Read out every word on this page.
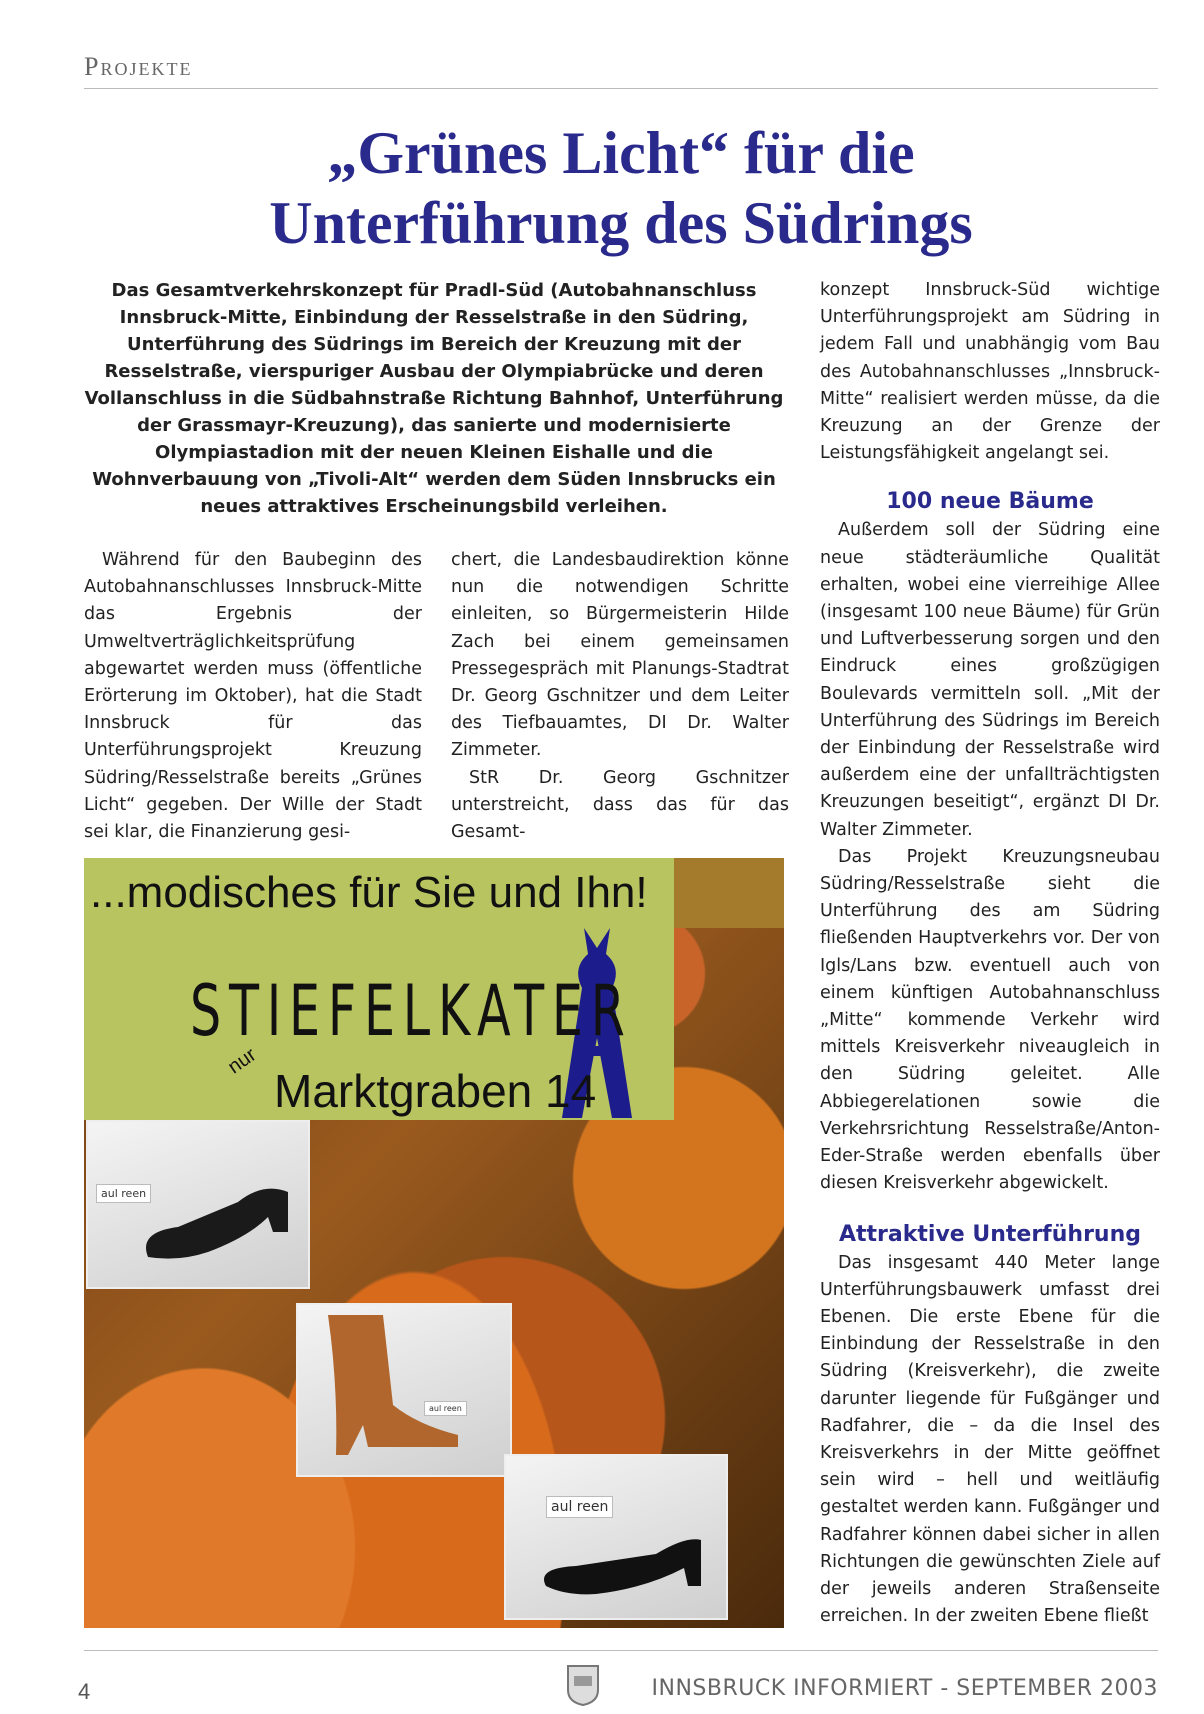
Projekte
„Grünes Licht“ für die
Unterführung des Südrings

Das Gesamtverkehrskonzept für Pradl-Süd (Autobahnanschluss Innsbruck-Mitte, Einbindung der Resselstraße in den Südring, Unterführung des Südrings im Bereich der Kreuzung mit der Resselstraße, vierspuriger Ausbau der Olympiabrücke und deren Vollanschluss in die Südbahnstraße Richtung Bahnhof, Unterführung der Grassmayr-Kreuzung), das sanierte und modernisierte Olympiastadion mit der neuen Kleinen Eishalle und die Wohnverbauung von „Tivoli-Alt“ werden dem Süden Innsbrucks ein neues attraktives Erscheinungsbild verleihen.

Während für den Baubeginn des Autobahnanschlusses Innsbruck-Mitte das Ergebnis der Umweltverträglichkeitsprüfung abgewartet werden muss (öffentliche Erörterung im Oktober), hat die Stadt Innsbruck für das Unterführungsprojekt Kreuzung Südring/Resselstraße bereits „Grünes Licht“ gegeben. Der Wille der Stadt sei klar, die Finanzierung gesi-

chert, die Landesbaudirektion könne nun die notwendigen Schritte einleiten, so Bürgermeisterin Hilde Zach bei einem gemeinsamen Pressegespräch mit Planungs-Stadtrat Dr. Georg Gschnitzer und dem Leiter des Tiefbauamtes, DI Dr. Walter Zimmeter.

StR Dr. Georg Gschnitzer unterstreicht, dass das für das Gesamt-

konzept Innsbruck-Süd wichtige Unterführungsprojekt am Südring in jedem Fall und unabhängig vom Bau des Autobahnanschlusses „Innsbruck-Mitte“ realisiert werden müsse, da die Kreuzung an der Grenze der Leistungsfähigkeit angelangt sei.

100 neue Bäume

Außerdem soll der Südring eine neue städteräumliche Qualität erhalten, wobei eine vierreihige Allee (insgesamt 100 neue Bäume) für Grün und Luftverbesserung sorgen und den Eindruck eines großzügigen Boulevards vermitteln soll. „Mit der Unterführung des Südrings im Bereich der Einbindung der Resselstraße wird außerdem eine der unfallträchtigsten Kreuzungen beseitigt“, ergänzt DI Dr. Walter Zimmeter.

Das Projekt Kreuzungsneubau Südring/Resselstraße sieht die Unterführung des am Südring fließenden Hauptverkehrs vor. Der von Igls/Lans bzw. eventuell auch von einem künftigen Autobahnanschluss „Mitte“ kommende Verkehr wird mittels Kreisverkehr niveaugleich in den Südring geleitet. Alle Abbiegerelationen sowie die Verkehrsrichtung Resselstraße/Anton-Eder-Straße werden ebenfalls über diesen Kreisverkehr abgewickelt.

Attraktive Unterführung

Das insgesamt 440 Meter lange Unterführungsbauwerk umfasst drei Ebenen. Die erste Ebene für die Einbindung der Resselstraße in den Südring (Kreisverkehr), die zweite darunter liegende für Fußgänger und Radfahrer, die – da die Insel des Kreisverkehrs in der Mitte geöffnet sein wird – hell und weitläufig gestaltet werden kann. Fußgänger und Radfahrer können dabei sicher in allen Richtungen die gewünschten Ziele auf der jeweils anderen Straßenseite erreichen. In der zweiten Ebene fließt

...modisches für Sie und Ihn!
STIEFELKATER
nur
Marktgraben 14
aul reen
aul reen
aul reen
4	INNSBRUCK INFORMIERT - SEPTEMBER 2003
